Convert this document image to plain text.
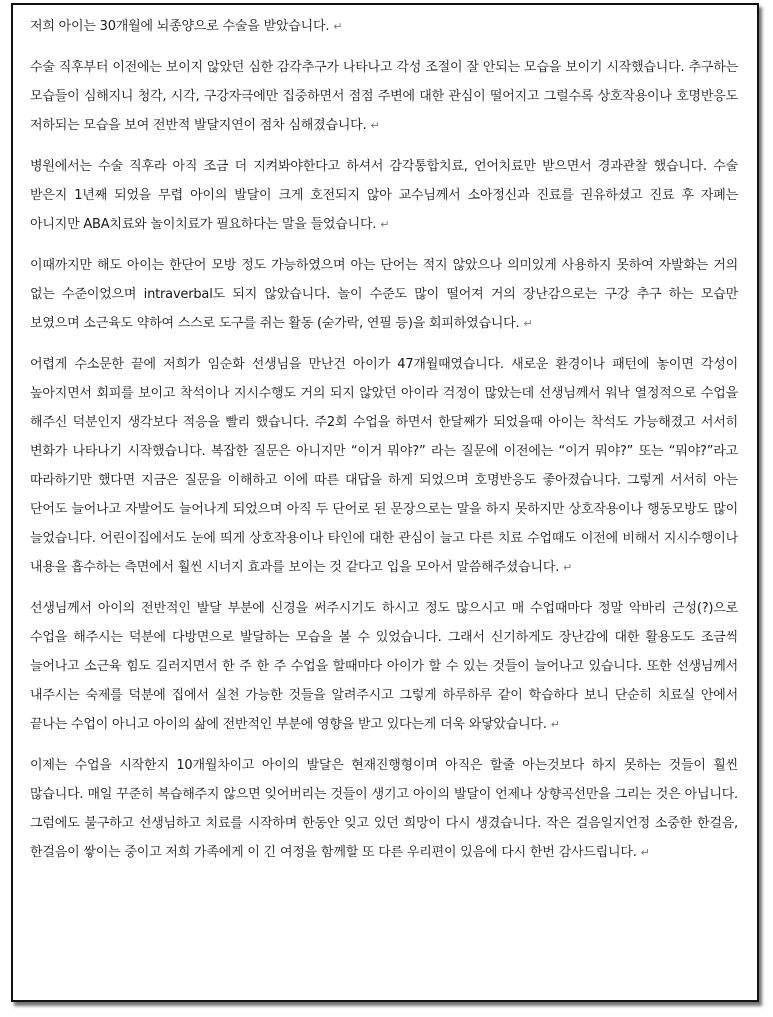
저희 아이는 30개월에 뇌종양으로 수술을 받았습니다. ↵

수술 직후부터 이전에는 보이지 않았던 심한 감각추구가 나타나고 각성 조절이 잘 안되는 모습을 보이기 시작했습니다. 추구하는 모습들이 심해지니 청각, 시각, 구강자극에만 집중하면서 점점 주변에 대한 관심이 떨어지고 그럴수록 상호작용이나 호명반응도 저하되는 모습을 보여 전반적 발달지연이 점차 심해졌습니다. ↵

병원에서는 수술 직후라 아직 조금 더 지켜봐야한다고 하셔서 감각통합치료, 언어치료만 받으면서 경과관찰 했습니다. 수술 받은지 1년째 되었을 무렵 아이의 발달이 크게 호전되지 않아 교수님께서 소아정신과 진료를 권유하셨고 진료 후 자폐는 아니지만 ABA치료와 놀이치료가 필요하다는 말을 들었습니다. ↵

이때까지만 해도 아이는 한단어 모방 정도 가능하였으며 아는 단어는 적지 않았으나 의미있게 사용하지 못하여 자발화는 거의 없는 수준이었으며 intraverbal도 되지 않았습니다. 놀이 수준도 많이 떨어져 거의 장난감으로는 구강 추구 하는 모습만 보였으며 소근육도 약하여 스스로 도구를 쥐는 활동 (숟가락, 연필 등)을 회피하였습니다. ↵

어렵게 수소문한 끝에 저희가 임순화 선생님을 만난건 아이가 47개월때였습니다. 새로운 환경이나 패턴에 놓이면 각성이 높아지면서 회피를 보이고 착석이나 지시수행도 거의 되지 않았던 아이라 걱정이 많았는데 선생님께서 워낙 열정적으로 수업을 해주신 덕분인지 생각보다 적응을 빨리 했습니다. 주2회 수업을 하면서 한달째가 되었을때 아이는 착석도 가능해졌고 서서히 변화가 나타나기 시작했습니다. 복잡한 질문은 아니지만 “이거 뭐야?” 라는 질문에 이전에는 “이거 뭐야?” 또는 “뭐야?”라고 따라하기만 했다면 지금은 질문을 이해하고 이에 따른 대답을 하게 되었으며 호명반응도 좋아졌습니다. 그렇게 서서히 아는 단어도 늘어나고 자발어도 늘어나게 되었으며 아직 두 단어로 된 문장으로는 말을 하지 못하지만 상호작용이나 행동모방도 많이 늘었습니다. 어린이집에서도 눈에 띄게 상호작용이나 타인에 대한 관심이 늘고 다른 치료 수업때도 이전에 비해서 지시수행이나 내용을 흡수하는 측면에서 훨씬 시너지 효과를 보이는 것 같다고 입을 모아서 말씀해주셨습니다. ↵

선생님께서 아이의 전반적인 발달 부분에 신경을 써주시기도 하시고 정도 많으시고 매 수업때마다 정말 악바리 근성(?)으로 수업을 해주시는 덕분에 다방면으로 발달하는 모습을 볼 수 있었습니다. 그래서 신기하게도 장난감에 대한 활용도도 조금씩 늘어나고 소근육 힘도 길러지면서 한 주 한 주 수업을 할때마다 아이가 할 수 있는 것들이 늘어나고 있습니다. 또한 선생님께서 내주시는 숙제를 덕분에 집에서 실천 가능한 것들을 알려주시고 그렇게 하루하루 같이 학습하다 보니 단순히 치료실 안에서 끝나는 수업이 아니고 아이의 삶에 전반적인 부분에 영향을 받고 있다는게 더욱 와닿았습니다. ↵

이제는 수업을 시작한지 10개월차이고 아이의 발달은 현재진행형이며 아직은 할줄 아는것보다 하지 못하는 것들이 훨씬 많습니다. 매일 꾸준히 복습해주지 않으면 잊어버리는 것들이 생기고 아이의 발달이 언제나 상향곡선만을 그리는 것은 아닙니다. 그럼에도 불구하고 선생님하고 치료를 시작하며 한동안 잊고 있던 희망이 다시 생겼습니다. 작은 걸음일지언정 소중한 한걸음, 한걸음이 쌓이는 중이고 저희 가족에게 이 긴 여정을 함께할 또 다른 우리편이 있음에 다시 한번 감사드립니다. ↵
